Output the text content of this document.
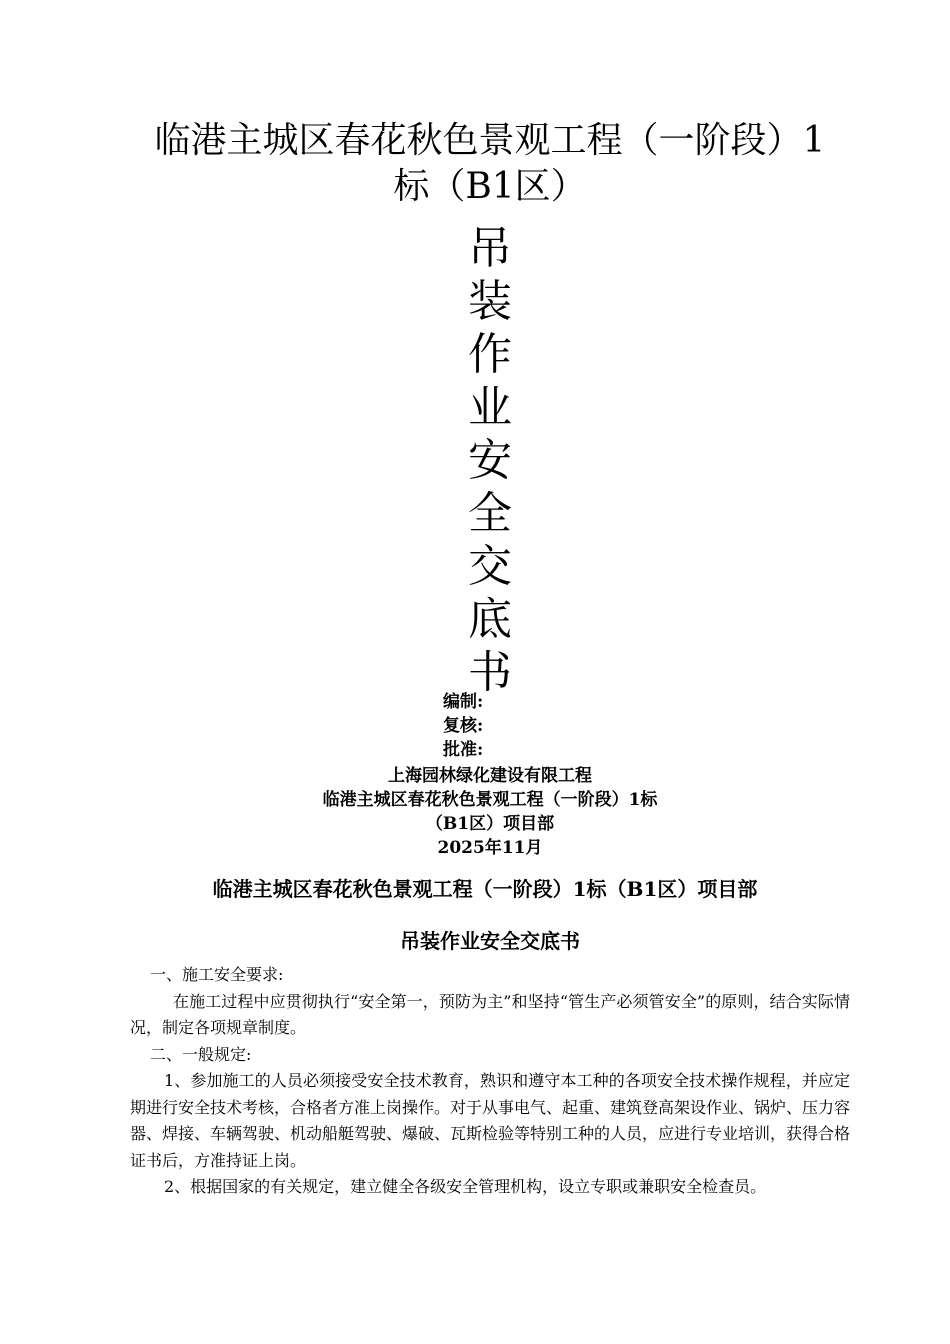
临港主城区春花秋色景观工程（一阶段）1
标（B1区）
吊
装
作
业
安
全
交
底
书
编制:
复核:
批准:
上海园林绿化建设有限工程
临港主城区春花秋色景观工程（一阶段）1标
（B1区）项目部
2025年11月
临港主城区春花秋色景观工程（一阶段）1标（B1区）项目部
吊装作业安全交底书

一、施工安全要求:

在施工过程中应贯彻执行“安全第一，预防为主”和坚持“管生产必须管安全”的原则，结合实际情况，制定各项规章制度。

二、一般规定:

1、参加施工的人员必须接受安全技术教育，熟识和遵守本工种的各项安全技术操作规程，并应定期进行安全技术考核，合格者方准上岗操作。对于从事电气、起重、建筑登高架设作业、锅炉、压力容器、焊接、车辆驾驶、机动船艇驾驶、爆破、瓦斯检验等特别工种的人员，应进行专业培训，获得合格证书后，方准持证上岗。

2、根据国家的有关规定，建立健全各级安全管理机构，设立专职或兼职安全检查员。
